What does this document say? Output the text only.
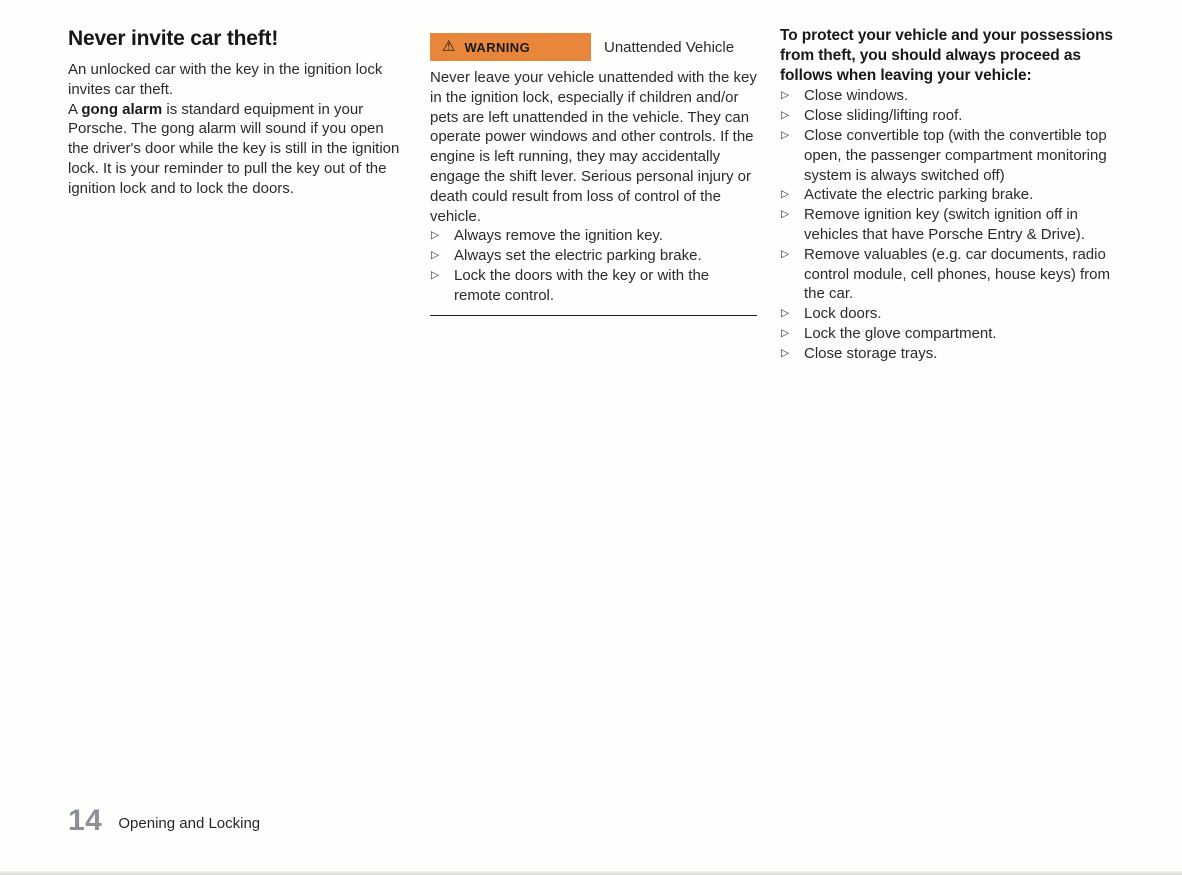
Never invite car theft!

An unlocked car with the key in the ignition lock invites car theft.

A gong alarm is standard equipment in your Porsche. The gong alarm will sound if you open the driver's door while the key is still in the ignition lock. It is your reminder to pull the key out of the ignition lock and to lock the doors.

⚠ WARNING	Unattended Vehicle

Never leave your vehicle unattended with the key in the ignition lock, especially if children and/or pets are left unattended in the vehicle. They can operate power windows and other controls. If the engine is left running, they may accidentally engage the shift lever. Serious personal injury or death could result from loss of control of the vehicle.

▷ Always remove the ignition key.
▷ Always set the electric parking brake.
▷ Lock the doors with the key or with the remote control.

To protect your vehicle and your possessions from theft, you should always proceed as follows when leaving your vehicle:

▷ Close windows.
▷ Close sliding/lifting roof.
▷ Close convertible top (with the convertible top open, the passenger compartment monitoring system is always switched off)
▷ Activate the electric parking brake.
▷ Remove ignition key (switch ignition off in vehicles that have Porsche Entry & Drive).
▷ Remove valuables (e.g. car documents, radio control module, cell phones, house keys) from the car.
▷ Lock doors.
▷ Lock the glove compartment.
▷ Close storage trays.
14 Opening and Locking
